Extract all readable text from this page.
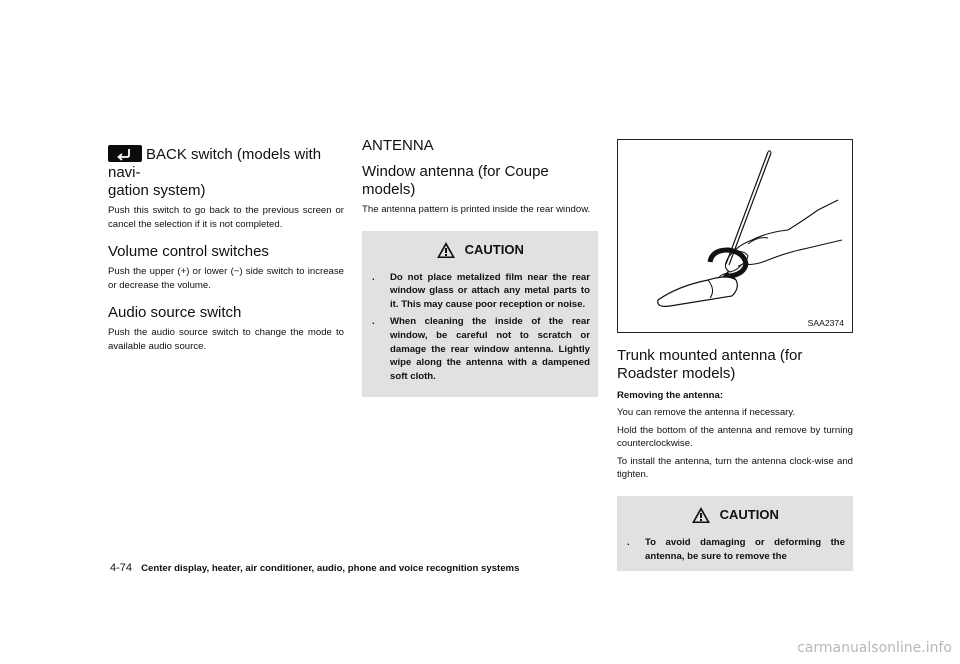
BACK switch (models with navi-
gation system)

Push this switch to go back to the previous screen or cancel the selection if it is not completed.

Volume control switches

Push the upper (+) or lower (−) side switch to increase or decrease the volume.

Audio source switch

Push the audio source switch to change the mode to available audio source.

ANTENNA
Window antenna (for Coupe models)

The antenna pattern is printed inside the rear window.

CAUTION
. Do not place metalized film near the rear window glass or attach any metal parts to it. This may cause poor reception or noise.
. When cleaning the inside of the rear window, be careful not to scratch or damage the rear window antenna. Lightly wipe along the antenna with a dampened soft cloth.
SAA2374
Trunk mounted antenna (for Roadster models)

Removing the antenna:

You can remove the antenna if necessary.

Hold the bottom of the antenna and remove by turning counterclockwise.

To install the antenna, turn the antenna clock-wise and tighten.

CAUTION
. To avoid damaging or deforming the antenna, be sure to remove the
4-74 Center display, heater, air conditioner, audio, phone and voice recognition systems
carmanualsonline.info
